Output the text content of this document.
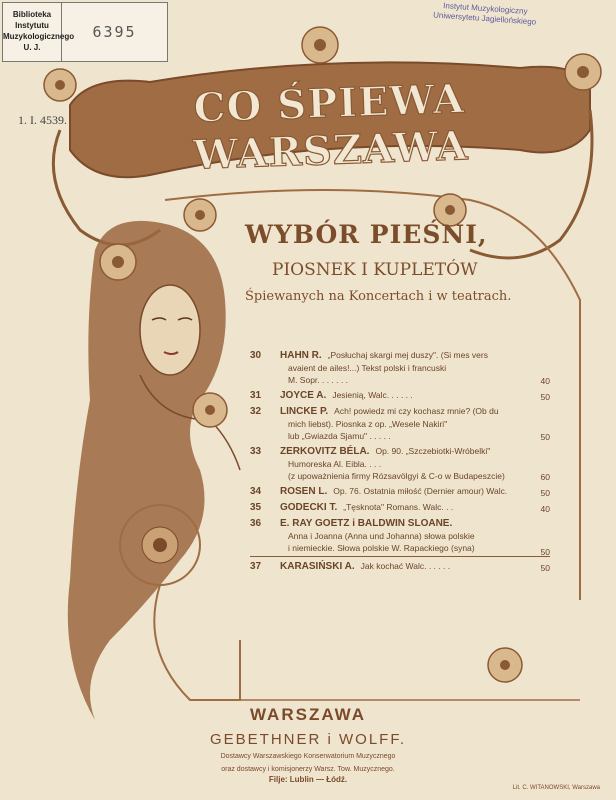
Biblioteka Instytutu Muzykologicznego U. J.
6395
Instytut Muzykologiczny Uniwersytetu Jagiellońskiego
1. I. 4539.	CO ŚPIEWA WARSZAWA
WYBÓR PIEŚNI,
PIOSNEK I KUPLETÓW
Śpiewanych na Koncertach i w teatrach.
30	HAHN R. „Posłuchaj skargi mej duszy". (Si mes vers
avaient de ailes!...) Tekst polski i francuski
M. Sopr. . . . . . .	40
31	JOYCE A. Jesienią, Walc. . . . . .	50
32	LINCKE P. Ach! powiedz mi czy kochasz mnie? (Ob du
mich liebst). Piosnka z op. „Wesele Nakiri"
lub „Gwiazda Sjamu" . . . . .	50
33	ZERKOVITZ BÉLA. Op. 90. „Szczebiotki-Wróbelki"
Humoreska Al. Eibla. . . .
(z upoważnienia firmy Rózsavölgyi & C-o w Budapeszcie)	60
34	ROSEN L. Op. 76. Ostatnia miłość (Dernier amour) Walc.	50
35	GODECKI T. „Tęsknota" Romans. Walc. . .	40
36	E. RAY GOETZ i BALDWIN SLOANE.
Anna i Joanna (Anna und Johanna) słowa polskie
i niemieckie. Słowa polskie W. Rapackiego (syna)	50
37	KARASIŃSKI A. Jak kochać Walc. . . . . .	50
WARSZAWA
GEBETHNER i WOLFF.
Dostawcy Warszawskiego Konserwatorium Muzycznego
oraz dostawcy i komisjonerzy Warsz. Tow. Muzycznego.
Filje: Lublin — Łódź.
Lit. C. WITANOWSKI, Warszawa
